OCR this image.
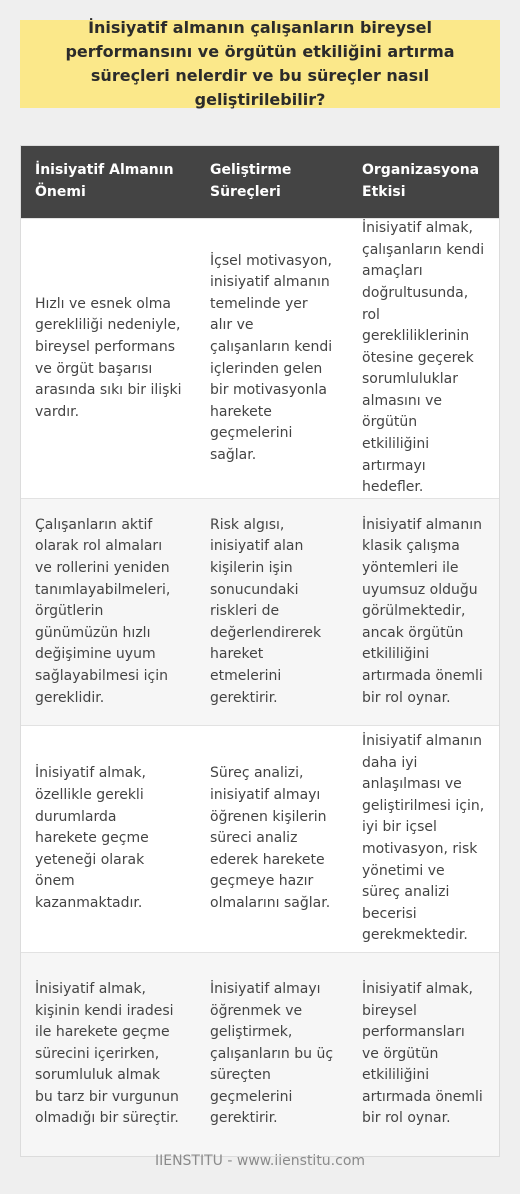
İnisiyatif almanın çalışanların bireysel performansını ve örgütün etkiliğini artırma süreçleri nelerdir ve bu süreçler nasıl geliştirilebilir?
İnisiyatif Almanın Önemi
Geliştirme Süreçleri
Organizasyona Etkisi
Hızlı ve esnek olma gerekliliği nedeniyle, bireysel performans ve örgüt başarısı arasında sıkı bir ilişki vardır.
İçsel motivasyon, inisiyatif almanın temelinde yer alır ve çalışanların kendi içlerinden gelen bir motivasyonla harekete geçmelerini sağlar.
İnisiyatif almak, çalışanların kendi amaçları doğrultusunda, rol gerekliliklerinin ötesine geçerek sorumluluklar almasını ve örgütün etkililiğini artırmayı hedefler.
Çalışanların aktif olarak rol almaları ve rollerini yeniden tanımlayabilmeleri, örgütlerin günümüzün hızlı değişimine uyum sağlayabilmesi için gereklidir.
Risk algısı, inisiyatif alan kişilerin işin sonucundaki riskleri de değerlendirerek hareket etmelerini gerektirir.
İnisiyatif almanın klasik çalışma yöntemleri ile uyumsuz olduğu görülmektedir, ancak örgütün etkililiğini artırmada önemli bir rol oynar.
İnisiyatif almak, özellikle gerekli durumlarda harekete geçme yeteneği olarak önem kazanmaktadır.
Süreç analizi, inisiyatif almayı öğrenen kişilerin süreci analiz ederek harekete geçmeye hazır olmalarını sağlar.
İnisiyatif almanın daha iyi anlaşılması ve geliştirilmesi için, iyi bir içsel motivasyon, risk yönetimi ve süreç analizi becerisi gerekmektedir.
İnisiyatif almak, kişinin kendi iradesi ile harekete geçme sürecini içerirken, sorumluluk almak bu tarz bir vurgunun olmadığı bir süreçtir.
İnisiyatif almayı öğrenmek ve geliştirmek, çalışanların bu üç süreçten geçmelerini gerektirir.
İnisiyatif almak, bireysel performansları ve örgütün etkililiğini artırmada önemli bir rol oynar.
IIENSTITU - www.iienstitu.com
